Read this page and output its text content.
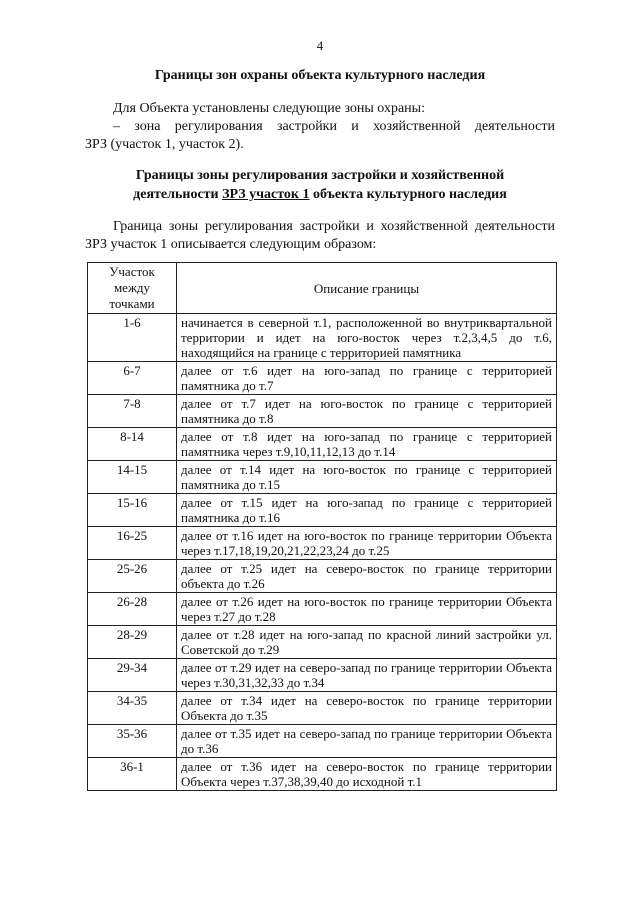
4
Границы зон охраны объекта культурного наследия
Для Объекта установлены следующие зоны охраны:
– зона регулирования застройки и хозяйственной деятельности
ЗРЗ (участок 1, участок 2).
Границы зоны регулирования застройки и хозяйственной
деятельности ЗРЗ участок 1 объекта культурного наследия
Граница зоны регулирования застройки и хозяйственной деятельности
ЗРЗ участок 1 описывается следующим образом:
Участок между точками	Описание границы
1-6	начинается в северной т.1, расположенной во внутриквартальной территории и идет на юго-восток через т.2,3,4,5 до т.6, находящийся на границе с территорией памятника
6-7	далее от т.6 идет на юго-запад по границе с территорией памятника до т.7
7-8	далее от т.7 идет на юго-восток по границе с территорией памятника до т.8
8-14	далее от т.8 идет на юго-запад по границе с территорией памятника через т.9,10,11,12,13 до т.14
14-15	далее от т.14 идет на юго-восток по границе с территорией памятника до т.15
15-16	далее от т.15 идет на юго-запад по границе с территорией памятника до т.16
16-25	далее от т.16 идет на юго-восток по границе территории Объекта через т.17,18,19,20,21,22,23,24 до т.25
25-26	далее от т.25 идет на северо-восток по границе территории объекта до т.26
26-28	далее от т.26 идет на юго-восток по границе территории Объекта через т.27 до т.28
28-29	далее от т.28 идет на юго-запад по красной линий застройки ул. Советской до т.29
29-34	далее от т.29 идет на северо-запад по границе территории Объекта через т.30,31,32,33 до т.34
34-35	далее от т.34 идет на северо-восток по границе территории Объекта до т.35
35-36	далее от т.35 идет на северо-запад по границе территории Объекта до т.36
36-1	далее от т.36 идет на северо-восток по границе территории Объекта через т.37,38,39,40 до исходной т.1
